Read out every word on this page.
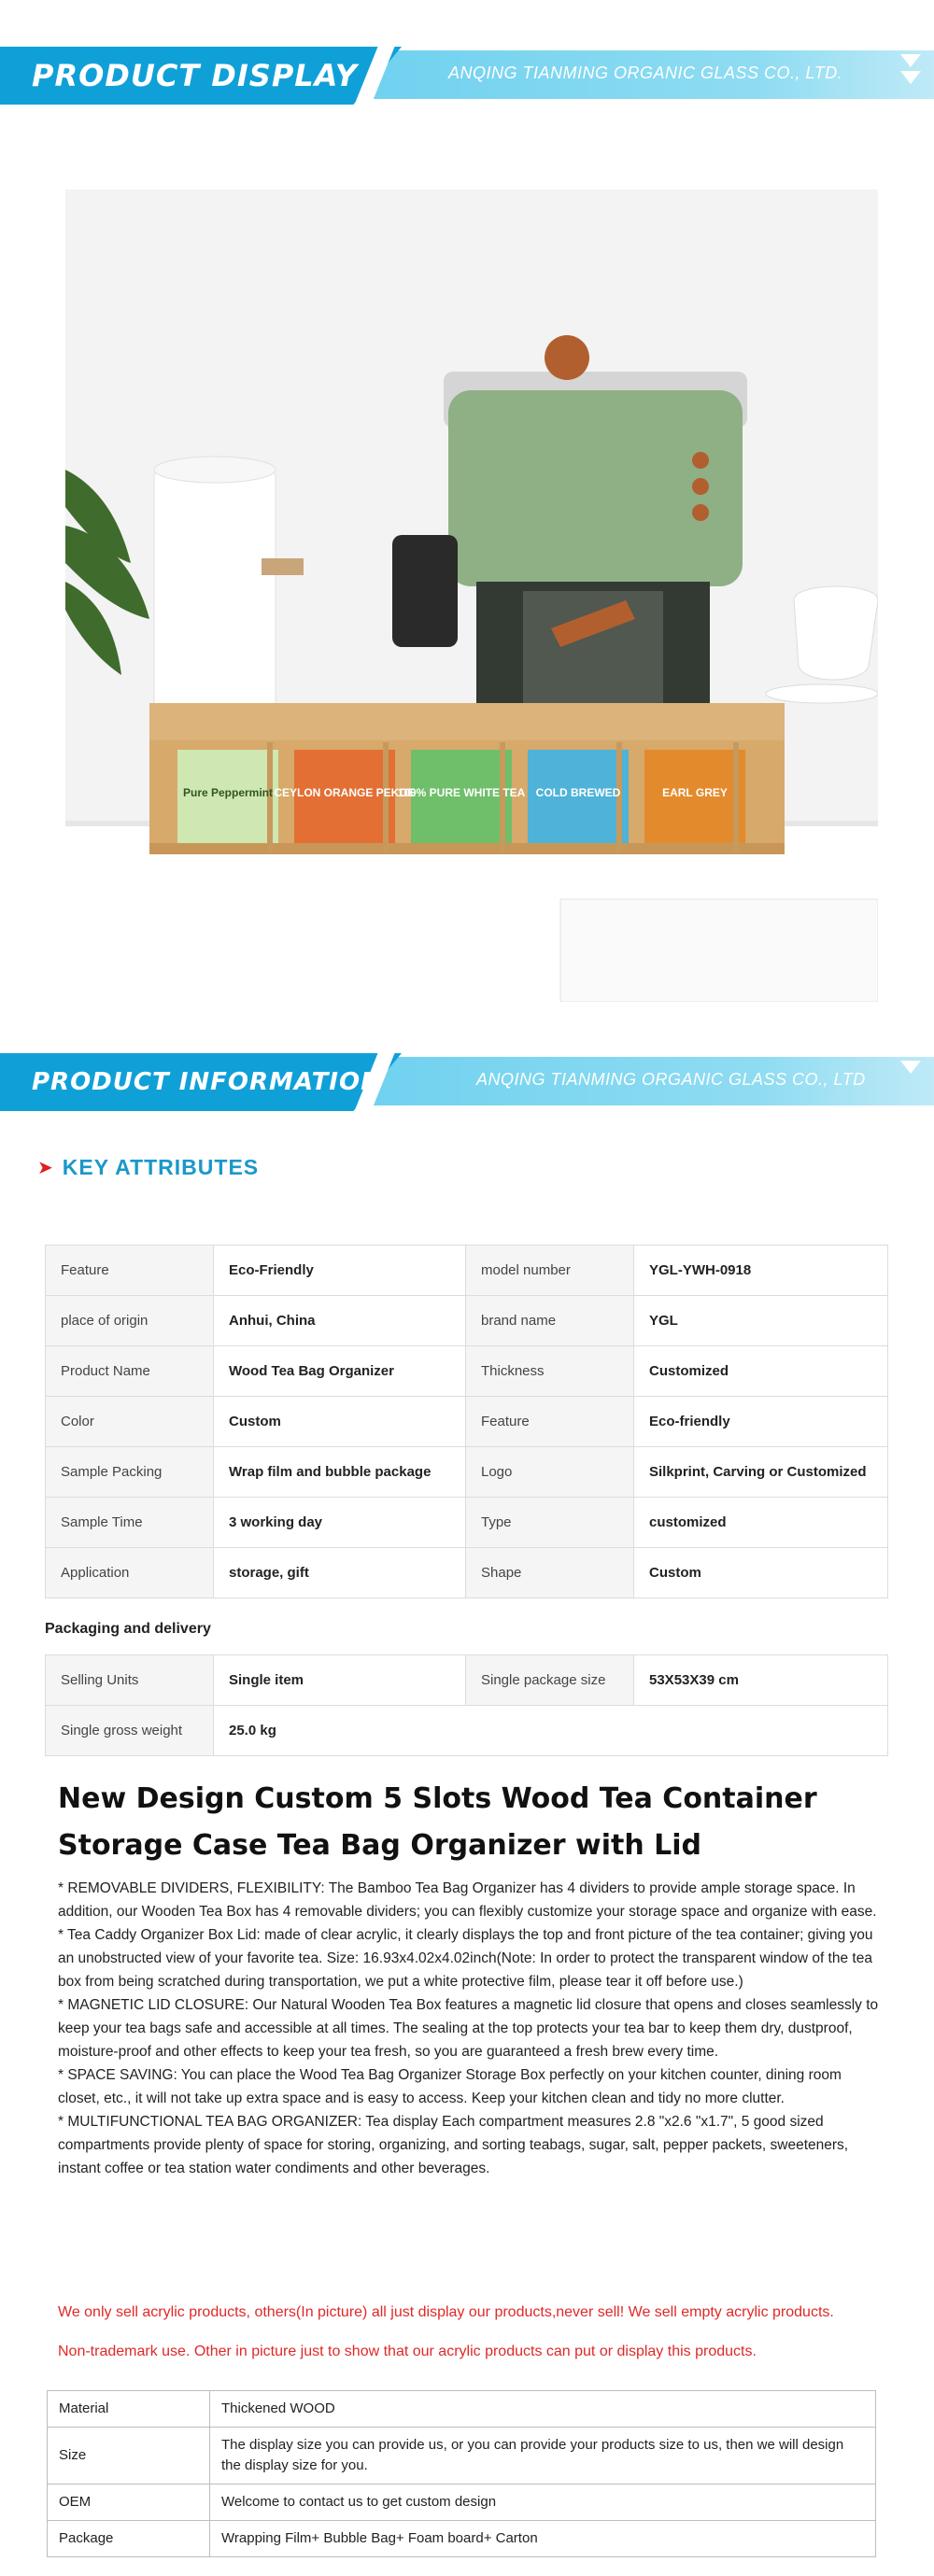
PRODUCT DISPLAY	ANQING TIANMING ORGANIC GLASS CO., LTD.
Pure Peppermint CEYLON ORANGE PEKOE
100% PURE WHITE TEA COLD BREWED	EARL GREY
PRODUCT INFORMATION	ANQING TIANMING ORGANIC GLASS CO., LTD
➤ KEY ATTRIBUTES
Feature	Eco-Friendly	model number	YGL-YWH-0918
place of origin	Anhui, China	brand name	YGL
Product Name	Wood Tea Bag Organizer	Thickness	Customized
Color	Custom	Feature	Eco-friendly
Sample Packing	Wrap film and bubble package	Logo	Silkprint, Carving or Customized
Sample Time	3 working day	Type	customized
Application	storage, gift	Shape	Custom
Packaging and delivery
Selling Units	Single item	Single package size	53X53X39 cm
Single gross weight	25.0 kg		
New Design Custom 5 Slots Wood Tea Container Storage Case Tea Bag Organizer with Lid

* REMOVABLE DIVIDERS, FLEXIBILITY: The Bamboo Tea Bag Organizer has 4 dividers to provide ample storage space. In addition, our Wooden Tea Box has 4 removable dividers; you can flexibly customize your storage space and organize with ease.

* Tea Caddy Organizer Box Lid: made of clear acrylic, it clearly displays the top and front picture of the tea container; giving you an unobstructed view of your favorite tea. Size: 16.93x4.02x4.02inch(Note: In order to protect the transparent window of the tea box from being scratched during transportation, we put a white protective film, please tear it off before use.)

* MAGNETIC LID CLOSURE: Our Natural Wooden Tea Box features a magnetic lid closure that opens and closes seamlessly to keep your tea bags safe and accessible at all times. The sealing at the top protects your tea bar to keep them dry, dustproof, moisture-proof and other effects to keep your tea fresh, so you are guaranteed a fresh brew every time.

* SPACE SAVING: You can place the Wood Tea Bag Organizer Storage Box perfectly on your kitchen counter, dining room closet, etc., it will not take up extra space and is easy to access. Keep your kitchen clean and tidy no more clutter.

* MULTIFUNCTIONAL TEA BAG ORGANIZER: Tea display Each compartment measures 2.8 "x2.6 "x1.7", 5 good sized compartments provide plenty of space for storing, organizing, and sorting teabags, sugar, salt, pepper packets, sweeteners, instant coffee or tea station water condiments and other beverages.

We only sell acrylic products, others(In picture) all just display our products,never sell! We sell empty acrylic products.
Non-trademark use. Other in picture just to show that our acrylic products can put or display this products.
Material	Thickened WOOD
Size	The display size you can provide us, or you can provide your products size to us, then we will design the display size for you.
OEM	Welcome to contact us to get custom design
Package	Wrapping Film+ Bubble Bag+ Foam board+ Carton
